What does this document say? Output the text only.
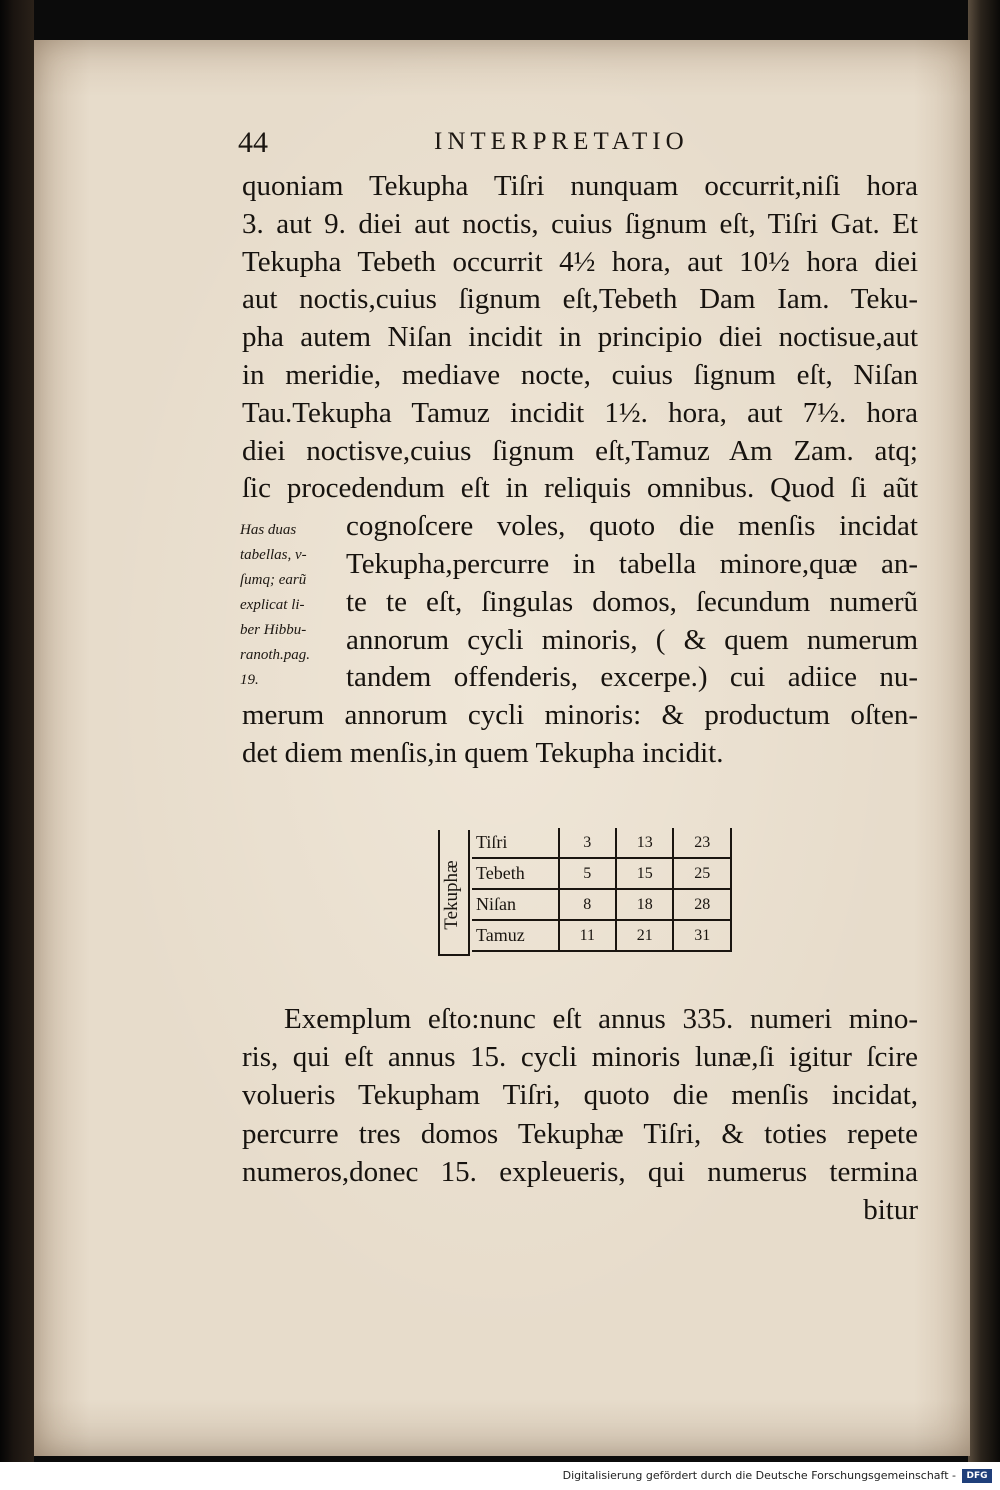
44	INTERPRETATIO
quoniam Tekupha Tiſri nunquam occurrit,niſi hora
3. aut 9. diei aut noctis, cuius ſignum eſt, Tiſri Gat. Et
Tekupha Tebeth occurrit 4½ hora, aut 10½ hora diei
aut noctis,cuius ſignum eſt,Tebeth Dam Iam. Teku-
pha autem Niſan incidit in principio diei noctisue,aut
in meridie, mediave nocte, cuius ſignum eſt, Niſan
Tau.Tekupha Tamuz incidit 1½. hora, aut 7½. hora
diei noctisve,cuius ſignum eſt,Tamuz Am Zam. atq;
ſic procedendum eſt in reliquis omnibus. Quod ſi aũt
cognoſcere voles, quoto die menſis incidat
Tekupha,percurre in tabella minore,quæ an-
te te eſt, ſingulas domos, ſecundum numerũ
annorum cycli minoris, ( & quem numerum
tandem offenderis, excerpe.) cui adiice nu-
merum annorum cycli minoris: & productum oſten-
det diem menſis,in quem Tekupha incidit.
Has duas
tabellas, v-
ſumq; earũ
explicat li-
ber Hibbu-
ranoth.pag.
19.
Tekuphæ
Tiſri	3	13	23
Tebeth	5	15	25
Niſan	8	18	28
Tamuz	11	21	31
Exemplum eſto:nunc eſt annus 335. numeri mino-
ris, qui eſt annus 15. cycli minoris lunæ,ſi igitur ſcire
volueris Tekupham Tiſri, quoto die menſis incidat,
percurre tres domos Tekuphæ Tiſri, & toties repete
numeros,donec 15. expleueris, qui numerus termina
bitur
Digitalisierung gefördert durch die Deutsche Forschungsgemeinschaft -	DFG
